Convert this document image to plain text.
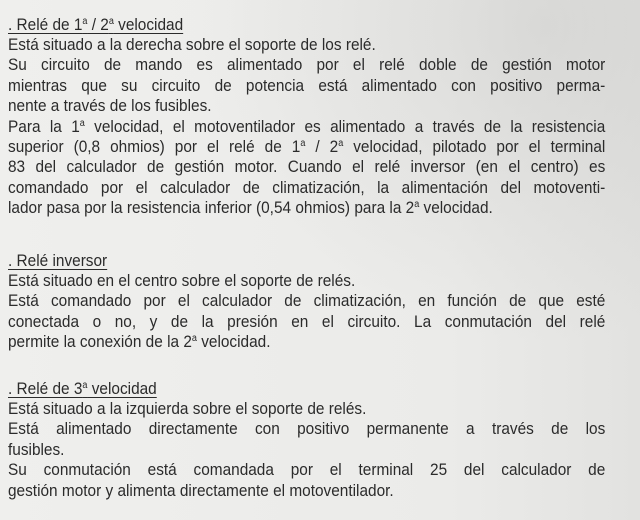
. Relé de 1$^a$ / 2$^a$ velocidad

Está situado a la derecha sobre el soporte de los relé.

Su circuito de mando es alimentado por el relé doble de gestión motor

mientras que su circuito de potencia está alimentado con positivo perma-

nente a través de los fusibles.

Para la 1$^a$ velocidad, el motoventilador es alimentado a través de la resistencia

superior (0,8 ohmios) por el relé de 1$^a$ / 2$^a$ velocidad, pilotado por el terminal

83 del calculador de gestión motor. Cuando el relé inversor (en el centro) es

comandado por el calculador de climatización, la alimentación del motoventi-

lador pasa por la resistencia inferior (0,54 ohmios) para la 2$^a$ velocidad.

. Relé inversor

Está situado en el centro sobre el soporte de relés.

Está comandado por el calculador de climatización, en función de que esté

conectada o no, y de la presión en el circuito. La conmutación del relé

permite la conexión de la 2$^a$ velocidad.

. Relé de 3$^a$ velocidad

Está situado a la izquierda sobre el soporte de relés.

Está alimentado directamente con positivo permanente a través de los

fusibles.

Su conmutación está comandada por el terminal 25 del calculador de

gestión motor y alimenta directamente el motoventilador.
